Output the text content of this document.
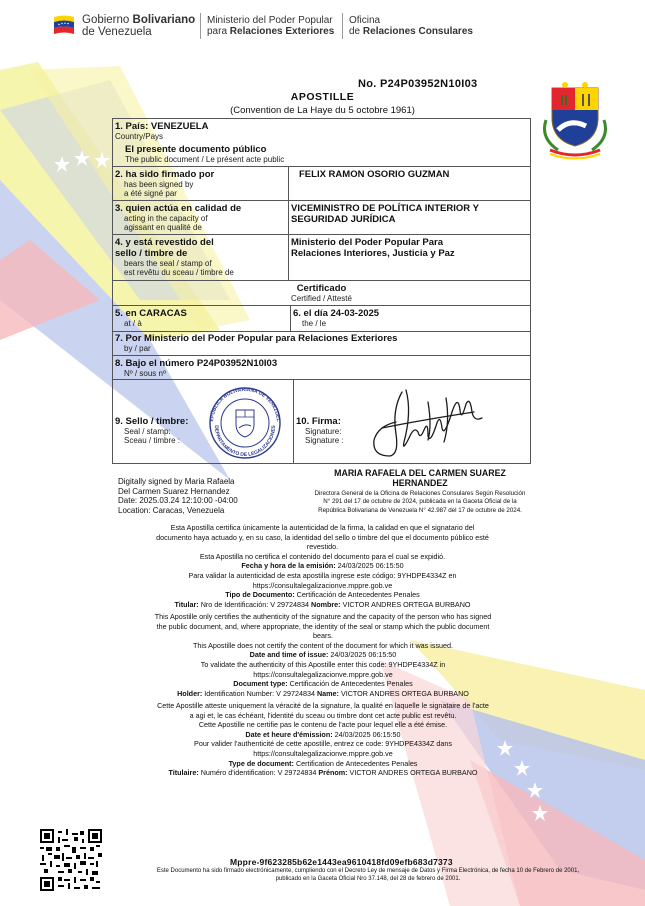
Gobierno Bolivariano
de Venezuela
Ministerio del Poder Popular
para Relaciones Exteriores
Oficina
de Relaciones Consulares
No. P24P03952N10I03
APOSTILLE
(Convention de La Haye du 5 octobre 1961)
1. País: VENEZUELA
Country/Pays
El presente documento público
The public document / Le présent acte public
2. ha sido firmado por
has been signed by
a été signé par
FELIX RAMON OSORIO GUZMAN
3. quien actúa en calidad de
acting in the capacity of
agissant en qualité de
VICEMINISTRO DE POLÍTICA INTERIOR Y
SEGURIDAD JURÍDICA
4. y está revestido del
sello / timbre de
bears the seal / stamp of
est revêtu du sceau / timbre de
Ministerio del Poder Popular Para
Relaciones Interiores, Justicia y Paz
Certificado
Certified / Attesté
5. en CARACAS
at / à
6. el día 24-03-2025
the / le
7. Por Ministerio del Poder Popular para Relaciones Exteriores
by / par
8. Bajo el número P24P03952N10I03
Nº / sous nº
9. Sello / timbre:
Seal / stamp:
Sceau / timbre :
10. Firma:
Signature:
Signature :
EPÚBLICA BOLIVARIANA DE VENEZUEL
DEPARTAMENTO DE LEGALIZACIONES
Digitally signed by Maria Rafaela
Del Carmen Suarez Hernandez
Date: 2025.03.24 12:10:00 -04:00
Location: Caracas, Venezuela
MARIA RAFAELA DEL CARMEN SUAREZ
HERNANDEZ
Directora General de la Oficina de Relaciones Consulares Según Resolución
N° 291 del 17 de octubre de 2024, publicada en la Gaceta Oficial de la
República Bolivariana de Venezuela N° 42.987 del 17 de octubre de 2024.
Esta Apostilla certifica únicamente la autenticidad de la firma, la calidad en que el signatario del
documento haya actuado y, en su caso, la identidad del sello o timbre del que el documento público esté
revestido.
Esta Apostilla no certifica el contenido del documento para el cual se expidió.
Fecha y hora de la emisión: 24/03/2025 06:15:50
Para validar la autenticidad de esta apostilla ingrese este código: 9YHDPE4334Z en
https://consultalegalizacionve.mppre.gob.ve
Tipo de Documento: Certificación de Antecedentes Penales
Titular: Nro de Identificación: V 29724834 Nombre: VICTOR ANDRES ORTEGA BURBANO
This Apostille only certifies the authenticity of the signature and the capacity of the person who has signed
the public document, and, where appropriate, the identity of the seal or stamp which the public document
bears.
This Apostille does not certify the content of the document for which it was issued.
Date and time of issue: 24/03/2025 06:15:50
To validate the authenticity of this Apostille enter this code: 9YHDPE4334Z in
https://consultalegalizacionve.mppre.gob.ve
Document type: Certificación de Antecedentes Penales
Holder: Identification Number: V 29724834 Name: VICTOR ANDRES ORTEGA BURBANO
Cette Apostille atteste uniquement la véracité de la signature, la qualité en laquelle le signataire de l'acte
a agi et, le cas échéant, l'identité du sceau ou timbre dont cet acte public est revêtu.
Cette Apostille ne certifie pas le contenu de l'acte pour lequel elle a été émise.
Date et heure d'émission: 24/03/2025 06:15:50
Pour valider l'authenticité de cette apostille, entrez ce code: 9YHDPE4334Z dans
https://consultalegalizacionve.mppre.gob.ve
Type de document: Certification de Antecedentes Penales
Titulaire: Numéro d'identification: V 29724834 Prénom: VICTOR ANDRES ORTEGA BURBANO
Mppre-9f623285b62e1443ea9610418fd09efb683d7373
Este Documento ha sido firmado electrónicamente, cumpliendo con el Decreto Ley de mensaje de Datos y Firma Electrónica, de fecha 10 de Febrero de 2001,
publicado en la Gaceta Oficial Nro 37.148, del 28 de febrero de 2001.
